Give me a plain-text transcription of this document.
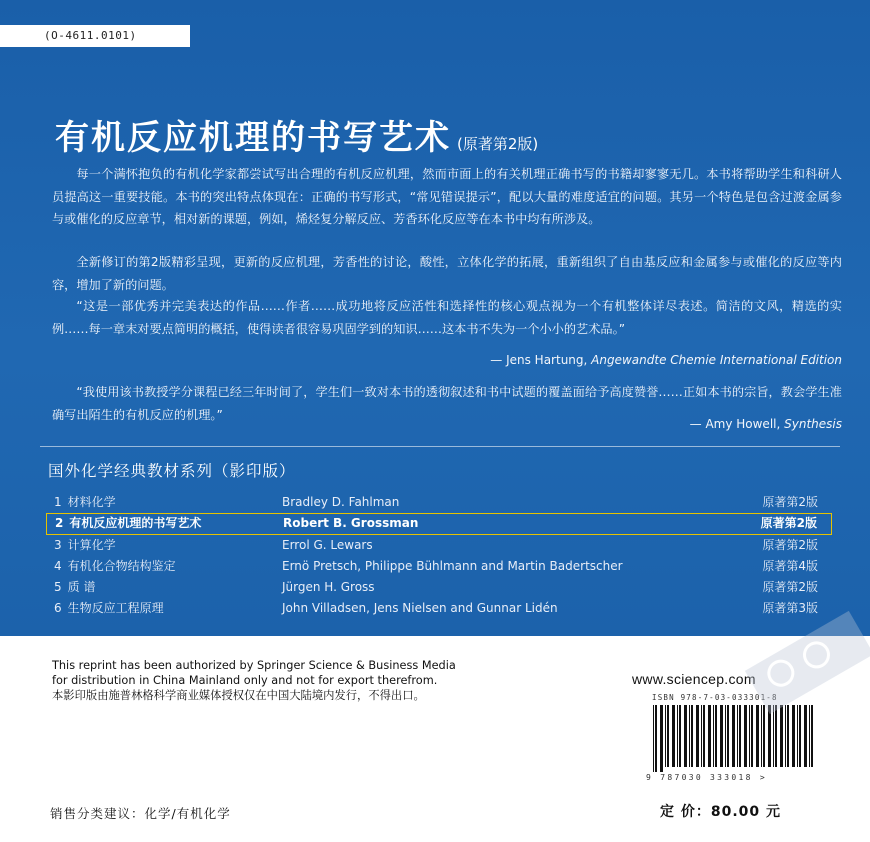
(O-4611.0101)
有机反应机理的书写艺术 (原著第2版)

每一个满怀抱负的有机化学家都尝试写出合理的有机反应机理，然而市面上的有关机理正确书写的书籍却寥寥无几。本书将帮助学生和科研人员提高这一重要技能。本书的突出特点体现在：正确的书写形式，“常见错误提示”，配以大量的难度适宜的问题。其另一个特色是包含过渡金属参与或催化的反应章节，相对新的课题，例如，烯烃复分解反应、芳香环化反应等在本书中均有所涉及。

全新修订的第2版精彩呈现，更新的反应机理，芳香性的讨论，酸性，立体化学的拓展，重新组织了自由基反应和金属参与或催化的反应等内容，增加了新的问题。

“这是一部优秀并完美表达的作品……作者……成功地将反应活性和选择性的核心观点视为一个有机整体详尽表述。简洁的文风，精选的实例……每一章末对要点简明的概括，使得读者很容易巩固学到的知识……这本书不失为一个小小的艺术品。”

— Jens Hartung, Angewandte Chemie International Edition

“我使用该书教授学分课程已经三年时间了，学生们一致对本书的透彻叙述和书中试题的覆盖面给予高度赞誉……正如本书的宗旨，教会学生准确写出陌生的有机反应的机理。”

— Amy Howell, Synthesis
国外化学经典教材系列（影印版）
1 材料化学	Bradley D. Fahlman	原著第2版
2 有机反应机理的书写艺术	Robert B. Grossman	原著第2版
3 计算化学	Errol G. Lewars	原著第2版
4 有机化合物结构鉴定	Ernö Pretsch, Philippe Bühlmann and Martin Badertscher	原著第4版
5 质 谱	Jürgen H. Gross	原著第2版
6 生物反应工程原理	John Villadsen, Jens Nielsen and Gunnar Lidén	原著第3版
This reprint has been authorized by Springer Science & Business Media
for distribution in China Mainland only and not for export therefrom.
本影印版由施普林格科学商业媒体授权仅在中国大陆境内发行，不得出口。
www.sciencep.com
ISBN 978-7-03-033301-8
9 787030 333018 >
销售分类建议：化学/有机化学	定 价：80.00 元
